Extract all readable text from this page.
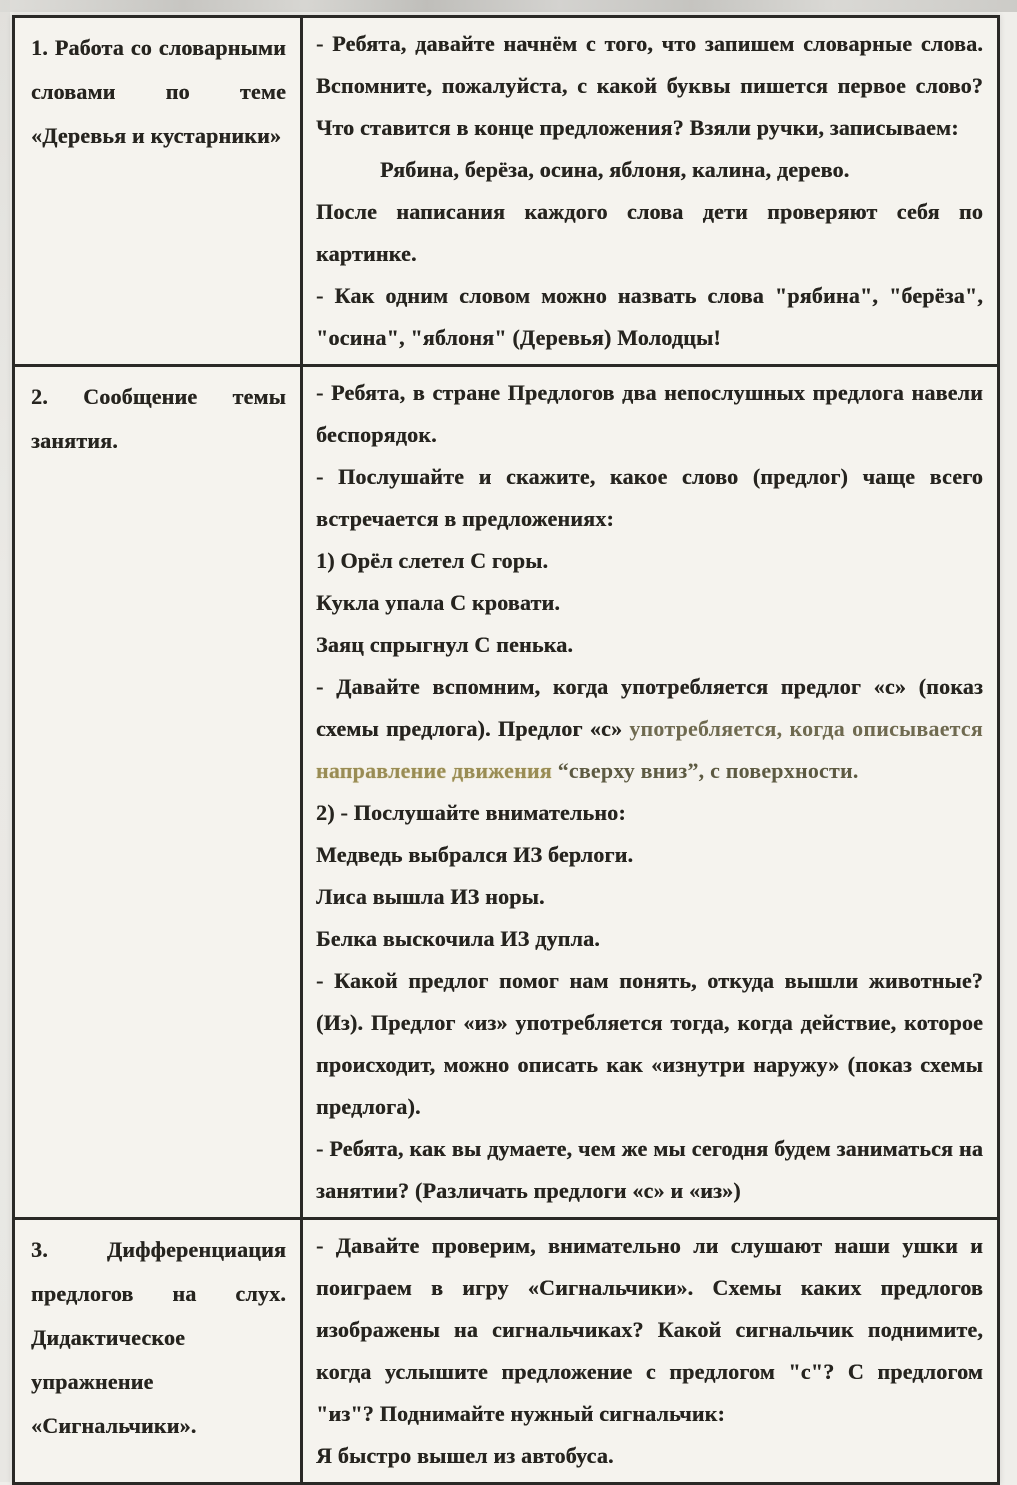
1. Работа со словарными словами по теме «Деревья и кустарники»

- Ребята, давайте начнём с того, что запишем словарные слова. Вспомните, пожалуйста, с какой буквы пишется первое слово? Что ставится в конце предложения? Взяли ручки, записываем:

Рябина, берёза, осина, яблоня, калина, дерево.

После написания каждого слова дети проверяют себя по картинке.

- Как одним словом можно назвать слова "рябина", "берёза", "осина", "яблоня" (Деревья) Молодцы!

2. Сообщение темы занятия.

- Ребята, в стране Предлогов два непослушных предлога навели беспорядок.

- Послушайте и скажите, какое слово (предлог) чаще всего встречается в предложениях:

1) Орёл слетел С горы.

Кукла упала С кровати.

Заяц спрыгнул С пенька.

- Давайте вспомним, когда употребляется предлог «с» (показ схемы предлога). Предлог «с» употребляется, когда описывается направление движения “сверху вниз”, с поверхности.

2) - Послушайте внимательно:

Медведь выбрался ИЗ берлоги.

Лиса вышла ИЗ норы.

Белка выскочила ИЗ дупла.

- Какой предлог помог нам понять, откуда вышли животные? (Из). Предлог «из» употребляется тогда, когда действие, которое происходит, можно описать как «изнутри наружу» (показ схемы предлога).

- Ребята, как вы думаете, чем же мы сегодня будем заниматься на занятии? (Различать предлоги «с» и «из»)

3. Дифференциация предлогов на слух. Дидактическое упражнение «Сигнальчики».

- Давайте проверим, внимательно ли слушают наши ушки и поиграем в игру «Сигнальчики». Схемы каких предлогов изображены на сигнальчиках? Какой сигнальчик поднимите, когда услышите предложение с предлогом "с"? С предлогом "из"? Поднимайте нужный сигнальчик:

Я быстро вышел из автобуса.
